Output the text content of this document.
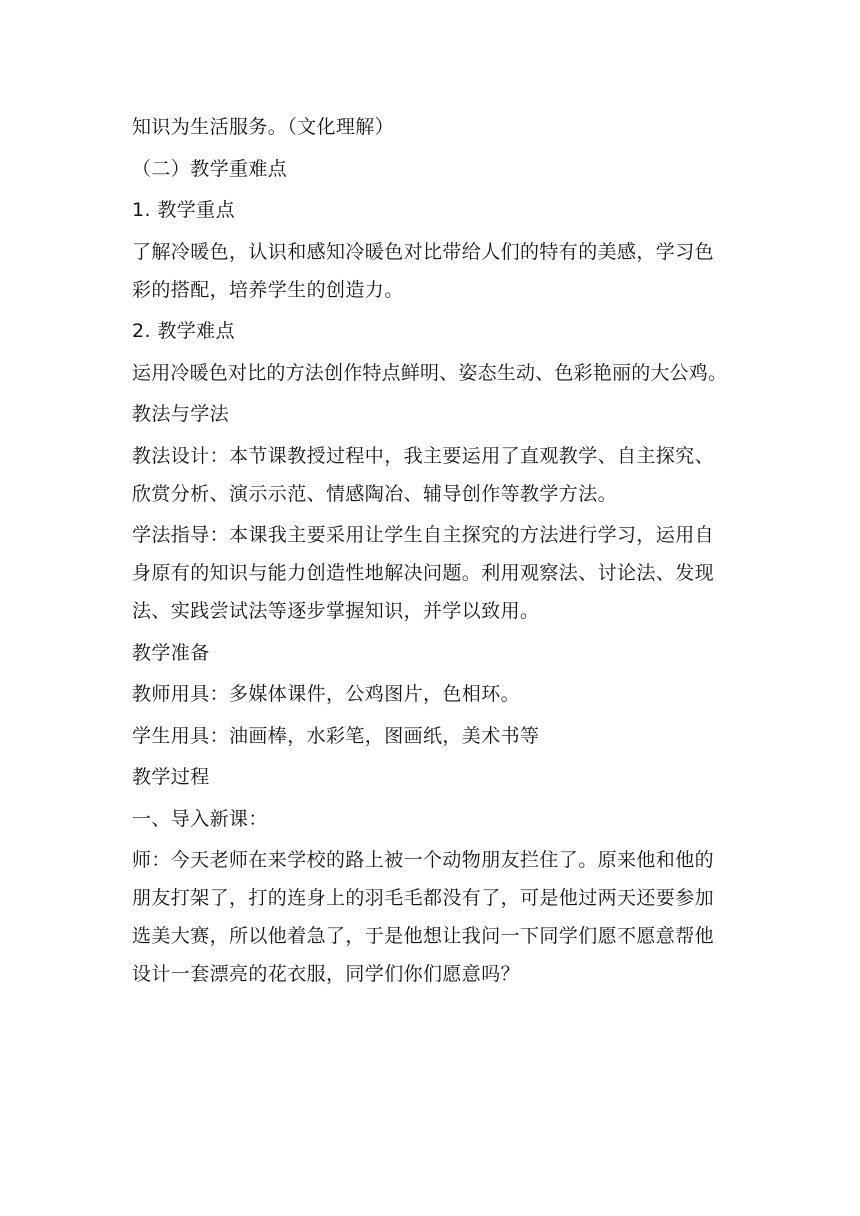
知识为生活服务。（文化理解）

（二）教学重难点

1. 教学重点

了解冷暖色，认识和感知冷暖色对比带给人们的特有的美感，学习色彩的搭配，培养学生的创造力。

2. 教学难点

运用冷暖色对比的方法创作特点鲜明、姿态生动、色彩艳丽的大公鸡。

教法与学法

教法设计：本节课教授过程中，我主要运用了直观教学、自主探究、欣赏分析、演示示范、情感陶冶、辅导创作等教学方法。

学法指导：本课我主要采用让学生自主探究的方法进行学习，运用自身原有的知识与能力创造性地解决问题。利用观察法、讨论法、发现法、实践尝试法等逐步掌握知识，并学以致用。

教学准备

教师用具：多媒体课件，公鸡图片，色相环。

学生用具：油画棒，水彩笔，图画纸，美术书等

教学过程

一、导入新课：

师：今天老师在来学校的路上被一个动物朋友拦住了。原来他和他的朋友打架了，打的连身上的羽毛毛都没有了，可是他过两天还要参加选美大赛，所以他着急了，于是他想让我问一下同学们愿不愿意帮他设计一套漂亮的花衣服，同学们你们愿意吗？
